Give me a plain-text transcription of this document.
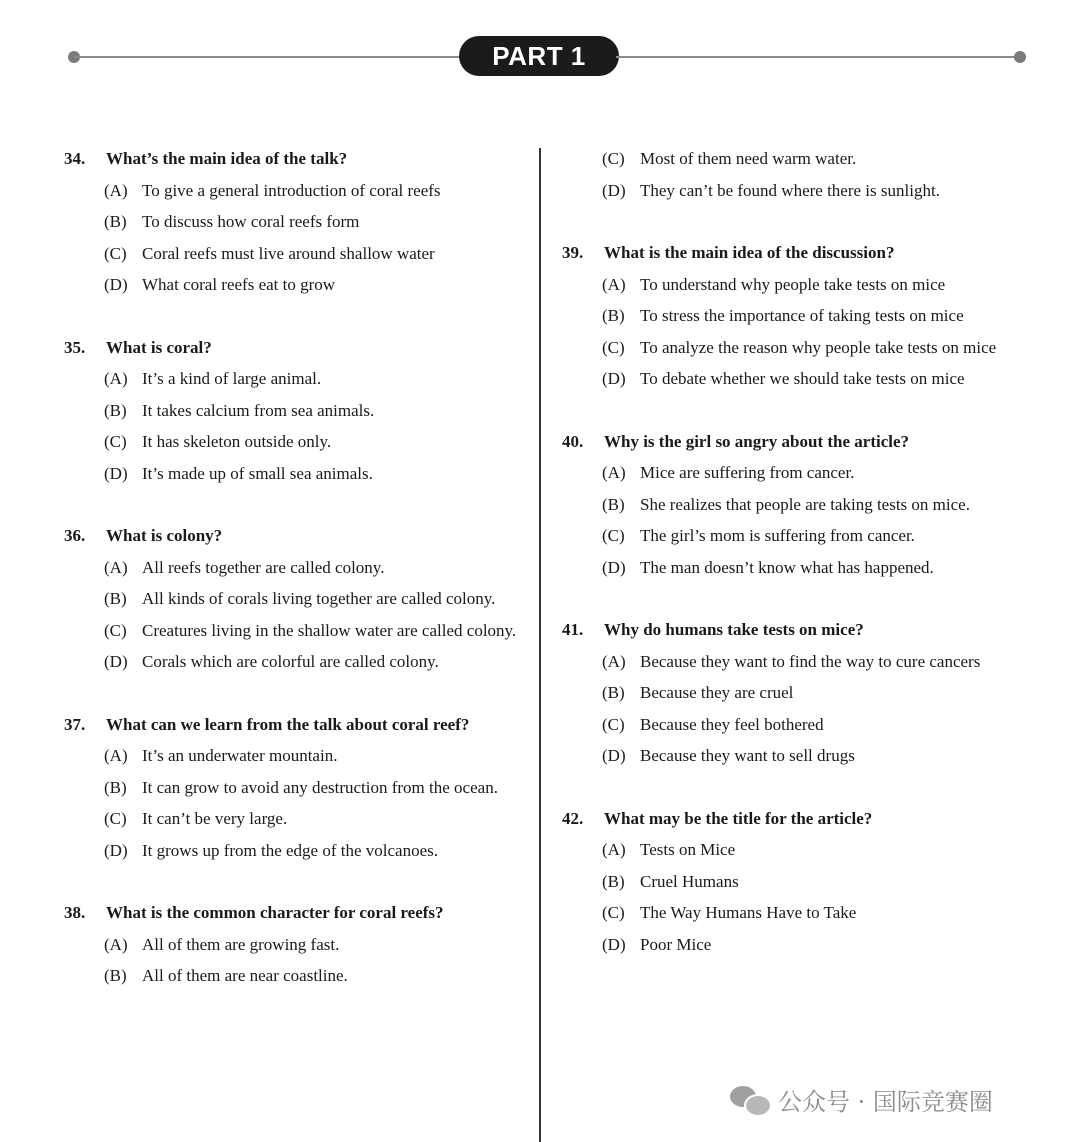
PART 1
34.	What’s the main idea of the talk?
(A) To give a general introduction of coral reefs
(B) To discuss how coral reefs form
(C) Coral reefs must live around shallow water
(D) What coral reefs eat to grow
35.	What is coral?
(A) It’s a kind of large animal.
(B) It takes calcium from sea animals.
(C) It has skeleton outside only.
(D) It’s made up of small sea animals.
36.	What is colony?
(A) All reefs together are called colony.
(B) All kinds of corals living together are called colony.
(C) Creatures living in the shallow water are called colony.
(D) Corals which are colorful are called colony.
37.	What can we learn from the talk about coral reef?
(A) It’s an underwater mountain.
(B) It can grow to avoid any destruction from the ocean.
(C) It can’t be very large.
(D) It grows up from the edge of the volcanoes.
38.	What is the common character for coral reefs?
(A) All of them are growing fast.
(B) All of them are near coastline.
(C) Most of them need warm water.
(D) They can’t be found where there is sunlight.
39.	What is the main idea of the discussion?
(A) To understand why people take tests on mice
(B) To stress the importance of taking tests on mice
(C) To analyze the reason why people take tests on mice
(D) To debate whether we should take tests on mice
40.	Why is the girl so angry about the article?
(A) Mice are suffering from cancer.
(B) She realizes that people are taking tests on mice.
(C) The girl’s mom is suffering from cancer.
(D) The man doesn’t know what has happened.
41.	Why do humans take tests on mice?
(A) Because they want to find the way to cure cancers
(B) Because they are cruel
(C) Because they feel bothered
(D) Because they want to sell drugs
42.	What may be the title for the article?
(A) Tests on Mice
(B) Cruel Humans
(C) The Way Humans Have to Take
(D) Poor Mice
公众号 · 国际竞赛圈
